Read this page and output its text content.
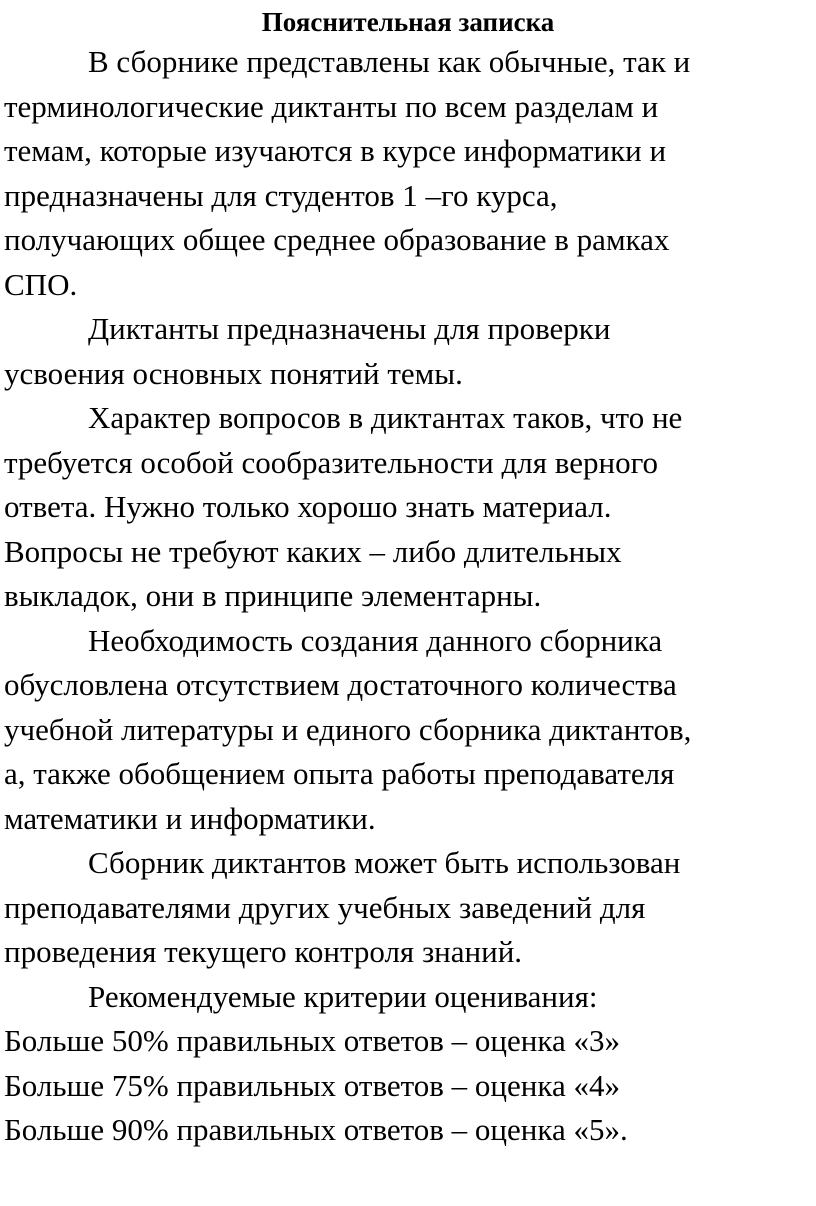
Пояснительная записка
В сборнике представлены как обычные, так и
терминологические диктанты по всем разделам и
темам, которые изучаются в курсе информатики и
предназначены для студентов 1 –го курса,
получающих общее среднее образование в рамках
СПО.
Диктанты предназначены для проверки
усвоения основных понятий темы.
Характер вопросов в диктантах таков, что не
требуется особой сообразительности для верного
ответа. Нужно только хорошо знать материал.
Вопросы не требуют каких – либо длительных
выкладок, они в принципе элементарны.
Необходимость создания данного сборника
обусловлена отсутствием достаточного количества
учебной литературы и единого сборника диктантов,
а, также обобщением опыта работы преподавателя
математики и информатики.
Сборник диктантов может быть использован
преподавателями других учебных заведений для
проведения текущего контроля знаний.
Рекомендуемые критерии оценивания:
Больше 50% правильных ответов – оценка «3»
Больше 75% правильных ответов – оценка «4»
Больше 90% правильных ответов – оценка «5».
